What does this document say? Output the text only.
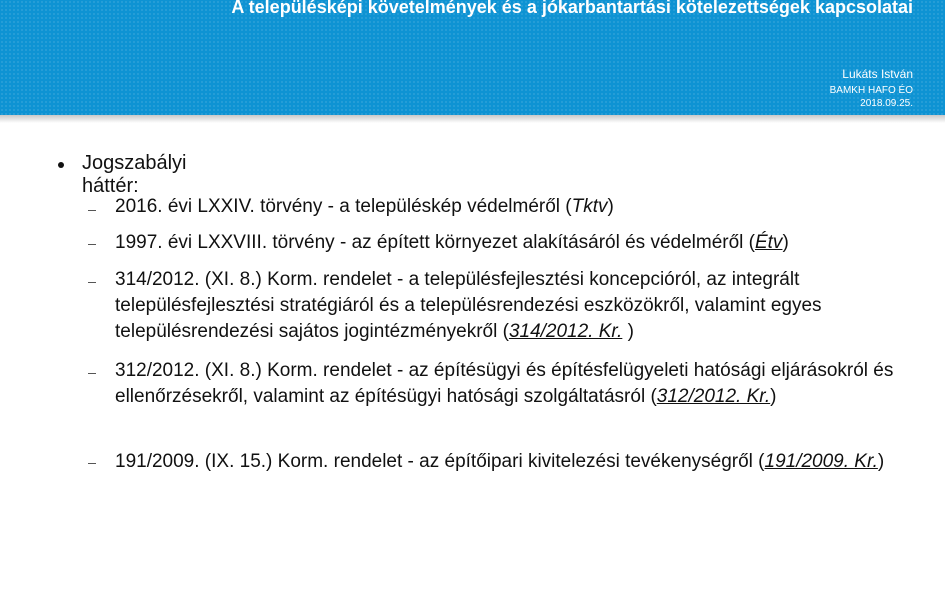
A településképi követelmények és a jókarbantartási kötelezettségek kapcsolatai
Lukáts István
BAMKH HAFO ÉO
2018.09.25.
Jogszabályi háttér:
2016. évi LXXIV. törvény - a településkép védelméről (Tktv)
1997. évi LXXVIII. törvény - az épített környezet alakításáról és védelméről (Étv)
314/2012. (XI. 8.) Korm. rendelet - a településfejlesztési koncepcióról, az integrált településfejlesztési stratégiáról és a településrendezési eszközökről, valamint egyes településrendezési sajátos jogintézményekről (314/2012. Kr. )
312/2012. (XI. 8.) Korm. rendelet - az építésügyi és építésfelügyeleti hatósági eljárásokról és ellenőrzésekről, valamint az építésügyi hatósági szolgáltatásról (312/2012. Kr.)
191/2009. (IX. 15.) Korm. rendelet - az építőipari kivitelezési tevékenységről (191/2009. Kr.)
